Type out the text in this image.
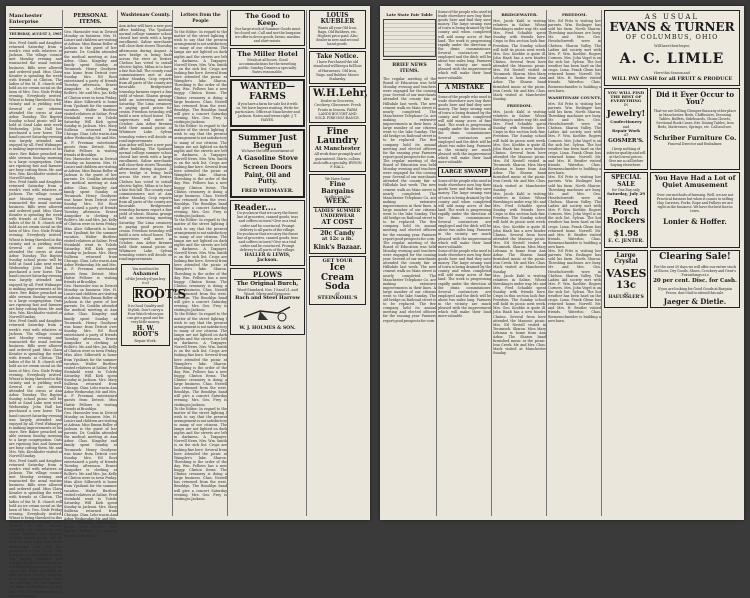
Manchester Enterprise
THURSDAY, AUGUST 3, 1905

Mrs. Fred Smith and daughter returned Saturday from a week's visit with relatives at Jackson. The village council met Monday evening and transacted the usual routine business. Bills were allowed and ordered paid. Miss Clara Kensler is spending the week with friends at Clinton. The ladies of the M. E. church will hold an ice cream social on the lawn of Mrs. Geo. Nisle Friday evening. Everybody invited. Wheat is being threshed in this vicinity and is yielding well. Several of our citizens attended the circus at Ann Arbor Tuesday. The Baptist Sunday school picnic will be held at Sand Lake next week Wednesday. John Hall has purchased a new horse. The band concert Saturday evening was largely attended and enjoyed by all. Fred Widmayer is making improvements at his store. Rev. Baker preached an able sermon Sunday morning to a large congregation. Oats are ripening fast and farmers are busy cutting them. Mr. and Mrs. Wm. Kirchhofer visited at Norvell Sunday.

Mrs. Fred Smith and daughter returned Saturday from a week's visit with relatives at Jackson. The village council met Monday evening and transacted the usual routine business. Bills were allowed and ordered paid. Miss Clara Kensler is spending the week with friends at Clinton. The ladies of the M. E. church will hold an ice cream social on the lawn of Mrs. Geo. Nisle Friday evening. Everybody invited. Wheat is being threshed in this vicinity and is yielding well. Several of our citizens attended the circus at Ann Arbor Tuesday. The Baptist Sunday school picnic will be held at Sand Lake next week Wednesday. John Hall has purchased a new horse. The band concert Saturday evening was largely attended and enjoyed by all. Fred Widmayer is making improvements at his store. Rev. Baker preached an able sermon Sunday morning to a large congregation. Oats are ripening fast and farmers are busy cutting them. Mr. and Mrs. Wm. Kirchhofer visited at Norvell Sunday.

Mrs. Fred Smith and daughter returned Saturday from a week's visit with relatives at Jackson. The village council met Monday evening and transacted the usual routine business. Bills were allowed and ordered paid. Miss Clara Kensler is spending the week with friends at Clinton. The ladies of the M. E. church will hold an ice cream social on the lawn of Mrs. Geo. Nisle Friday evening. Everybody invited. Wheat is being threshed in this vicinity and is yielding well. Several of our citizens attended the circus at Ann Arbor Tuesday. The Baptist Sunday school picnic will be held at Sand Lake next week Wednesday. John Hall has purchased a new horse. The band concert Saturday evening was largely attended and enjoyed by all. Fred Widmayer is making improvements at his store. Rev. Baker preached an able sermon Sunday morning to a large congregation. Oats are ripening fast and farmers are busy cutting them. Mr. and Mrs. Wm. Kirchhofer visited at Norvell Sunday.

Mrs. Fred Smith and daughter returned Saturday from a week's visit with relatives at Jackson. The village council met Monday evening and transacted the usual routine business. Bills were allowed and ordered paid. Miss Clara Kensler is spending the week with friends at Clinton. The ladies of the M. E. church will hold an ice cream social on the lawn of Mrs. Geo. Nisle Friday evening. Everybody invited. Wheat is being threshed in this vicinity and is yielding well. Several of our citizens attended the circus at Ann Arbor Tuesday. The Baptist Sunday school picnic will be held at Sand Lake next week Wednesday. John Hall has purchased a new horse. The band concert Saturday evening was largely attended and enjoyed by all. Fred Widmayer is making improvements at his store. Rev. Baker preached an able sermon Sunday morning to a large congregation. Oats are ripening fast and farmers are busy cutting them. Mr. and Mrs. Wm. Kirchhofer visited at Norvell Sunday.

PERSONAL ITEMS.

Geo. Haeussler was in Detroit Monday on business. Mrs. H. Lonier and children are visiting at Adrian. Miss Emma Roller of Jackson is the guest of her parents. Dr. Conklin attended the medical meeting at Ann Arbor. Chas. Kingsley and family spent Sunday at Tecumseh. Henry Goodyear was home from Detroit over Sunday. Mrs. Ed Root entertained a party of friends Tuesday afternoon. Ernest Amspoker is clerking at Roller's. Mr. and Mrs. Jas. Kelly of Clinton were in town Friday. Miss Alice Silkworth is home from Ypsilanti for the summer vacation. Walter Burtless visited relatives at Saline. Fred Steinkohl went to Toledo Saturday. Will Kirk spent Sunday in Jackson. Mrs. Mary Sullivan returned from Chicago. Chas. Lehr was in Ann Arbor Wednesday. Mr. and Mrs. A. F. Freeman entertained guests from Detroit. Miss Hattie Fellows is visiting friends at Brooklyn.

Geo. Haeussler was in Detroit Monday on business. Mrs. H. Lonier and children are visiting at Adrian. Miss Emma Roller of Jackson is the guest of her parents. Dr. Conklin attended the medical meeting at Ann Arbor. Chas. Kingsley and family spent Sunday at Tecumseh. Henry Goodyear was home from Detroit over Sunday. Mrs. Ed Root entertained a party of friends Tuesday afternoon. Ernest Amspoker is clerking at Roller's. Mr. and Mrs. Jas. Kelly of Clinton were in town Friday. Miss Alice Silkworth is home from Ypsilanti for the summer vacation. Walter Burtless visited relatives at Saline. Fred Steinkohl went to Toledo Saturday. Will Kirk spent Sunday in Jackson. Mrs. Mary Sullivan returned from Chicago. Chas. Lehr was in Ann Arbor Wednesday. Mr. and Mrs. A. F. Freeman entertained guests from Detroit. Miss Hattie Fellows is visiting friends at Brooklyn.

Geo. Haeussler was in Detroit Monday on business. Mrs. H. Lonier and children are visiting at Adrian. Miss Emma Roller of Jackson is the guest of her parents. Dr. Conklin attended the medical meeting at Ann Arbor. Chas. Kingsley and family spent Sunday at Tecumseh. Henry Goodyear was home from Detroit over Sunday. Mrs. Ed Root entertained a party of friends Tuesday afternoon. Ernest Amspoker is clerking at Roller's. Mr. and Mrs. Jas. Kelly of Clinton were in town Friday. Miss Alice Silkworth is home from Ypsilanti for the summer vacation. Walter Burtless visited relatives at Saline. Fred Steinkohl went to Toledo Saturday. Will Kirk spent Sunday in Jackson. Mrs. Mary Sullivan returned from Chicago. Chas. Lehr was in Ann Arbor Wednesday. Mr. and Mrs. A. F. Freeman entertained guests from Detroit. Miss Hattie Fellows is visiting friends at Brooklyn.

Geo. Haeussler was in Detroit Monday on business. Mrs. H. Lonier and children are visiting at Adrian. Miss Emma Roller of Jackson is the guest of her parents. Dr. Conklin attended the medical meeting at Ann Arbor. Chas. Kingsley and family spent Sunday at Tecumseh. Henry Goodyear was home from Detroit over Sunday. Mrs. Ed Root entertained a party of friends Tuesday afternoon. Ernest Amspoker is clerking at Roller's. Mr. and Mrs. Jas. Kelly of Clinton were in town Friday. Miss Alice Silkworth is home from Ypsilanti for the summer vacation. Walter Burtless visited relatives at Saline. Fred Steinkohl went to Toledo Saturday. Will Kirk spent Sunday in Jackson. Mrs. Mary Sullivan returned from Chicago. Chas. Lehr was in Ann Arbor Wednesday. Mr. and Mrs. A. F. Freeman entertained guests from Detroit. Miss Hattie Fellows is visiting friends at Brooklyn.

Washtenaw County.

Ann Arbor will have a new post office building. The Ypsilanti normal college summer school closed last week with a large enrollment. Saline merchants will close their stores Thursday afternoons during August. A new bridge is being built across the river at Dexter. Chelsea has voted to install electric lights. Milan is to have a fair this fall. The county road commissioners met at Ann Arbor Monday. Crop reports from all parts of the county are favorable. Bridgewater township farmers report a fine yield of wheat. Sharon grange held an interesting meeting Saturday. The Lima creamery is paying good prices for cream. Freedom township will build a new school house. The supervisors will meet in October. Ann Arbor firemen held their annual picnic at Whitmore Lake. Sylvan township voters will decide on road improvements.

Ann Arbor will have a new post office building. The Ypsilanti normal college summer school closed last week with a large enrollment. Saline merchants will close their stores Thursday afternoons during August. A new bridge is being built across the river at Dexter. Chelsea has voted to install electric lights. Milan is to have a fair this fall. The county road commissioners met at Ann Arbor Monday. Crop reports from all parts of the county are favorable. Bridgewater township farmers report a fine yield of wheat. Sharon grange held an interesting meeting Saturday. The Lima creamery is paying good prices for cream. Freedom township will build a new school house. The supervisors will meet in October. Ann Arbor firemen held their annual picnic at Whitmore Lake. Sylvan township voters will decide on road improvements.

You need not be
Ashamed
of the Jewelry if you buy it of
ROOT'S
It is Good Quality and Stylish. Don't carry a Poor Watch when you can get a good one for very little money.
H. W. ROOT'S
Repair Work.
Letters from the People

To the Editor: In regard to the matter of the street lighting I wish to say that the present arrangement is not satisfactory to many of our citizens. The lamps are not lighted on dark nights and the streets are left in darkness. A Taxpayer. Norvell News. Mrs. Wm. Smith is on the sick list. Crops are looking fine here. Several from here attended the picnic at Wampler's lake. Sharon. Threshing is the order of the day. Wm. Fellows has a new buggy. Clinton Items. The Clinton creamery is doing a large business. Chas. Nestell has returned from the west. Brooklyn. The Brooklyn band will give a concert Saturday evening. Mrs. Geo. Frey is visiting in Jackson.

To the Editor: In regard to the matter of the street lighting I wish to say that the present arrangement is not satisfactory to many of our citizens. The lamps are not lighted on dark nights and the streets are left in darkness. A Taxpayer. Norvell News. Mrs. Wm. Smith is on the sick list. Crops are looking fine here. Several from here attended the picnic at Wampler's lake. Sharon. Threshing is the order of the day. Wm. Fellows has a new buggy. Clinton Items. The Clinton creamery is doing a large business. Chas. Nestell has returned from the west. Brooklyn. The Brooklyn band will give a concert Saturday evening. Mrs. Geo. Frey is visiting in Jackson.

To the Editor: In regard to the matter of the street lighting I wish to say that the present arrangement is not satisfactory to many of our citizens. The lamps are not lighted on dark nights and the streets are left in darkness. A Taxpayer. Norvell News. Mrs. Wm. Smith is on the sick list. Crops are looking fine here. Several from here attended the picnic at Wampler's lake. Sharon. Threshing is the order of the day. Wm. Fellows has a new buggy. Clinton Items. The Clinton creamery is doing a large business. Chas. Nestell has returned from the west. Brooklyn. The Brooklyn band will give a concert Saturday evening. Mrs. Geo. Frey is visiting in Jackson.

To the Editor: In regard to the matter of the street lighting I wish to say that the present arrangement is not satisfactory to many of our citizens. The lamps are not lighted on dark nights and the streets are left in darkness. A Taxpayer. Norvell News. Mrs. Wm. Smith is on the sick list. Crops are looking fine here. Several from here attended the picnic at Wampler's lake. Sharon. Threshing is the order of the day. Wm. Fellows has a new buggy. Clinton Items. The Clinton creamery is doing a large business. Chas. Nestell has returned from the west. Brooklyn. The Brooklyn band will give a concert Saturday evening. Mrs. Geo. Frey is visiting in Jackson.

To the Editor: In regard to the matter of the street lighting I wish to say that the present arrangement is not satisfactory to many of our citizens. The lamps are not lighted on dark nights and the streets are left in darkness. A Taxpayer. Norvell News. Mrs. Wm. Smith is on the sick list. Crops are looking fine here. Several from here attended the picnic at Wampler's lake. Sharon. Threshing is the order of the day. Wm. Fellows has a new buggy. Clinton Items. The Clinton creamery is doing a large business. Chas. Nestell has returned from the west. Brooklyn. The Brooklyn band will give a concert Saturday evening. Mrs. Geo. Frey is visiting in Jackson.

The Good to Keep.
Our large stock of Summer Goods must be closed out. Call and see the bargains we offer in dress goods, lawns, muslins and shirt waists.
The Miller Hotel
Meals at all hours. Good accommodations for the traveling public. Sunday Dinners a specialty. Rates reasonable.
WANTED—FARMS
If you have a farm for sale list it with us. We have buyers waiting. Write for particulars. Offices at Manchester and Jackson. Rates and terms right. J. T. HAYES.
Summer Just Begun
We have the best assortment of
A Gasoline Stove
Screen Doors
Paint, Oil and Putty.
FRED WIDMAYER.
Reader....
Do you know that we carry the finest line of groceries, canned goods, teas and coffees in town? Give us a trial order and be convinced. Prompt delivery to all parts of the village.
Do you know that we carry the finest line of groceries, canned goods, teas and coffees in town? Give us a trial order and be convinced. Prompt delivery to all parts of the village.
HALLER & LEWIS, Jackson.
PLOWS
The Original Burch,
Wood Standard, Nos. 19 and 21, and Wiard, Oliver and Syracuse.
Bach and Steel Harrow
W. J. HOLMES & SON.
LOUIS KUEBLER
Wants all your Old Iron, Rags, Old Rubbers, etc. Highest price paid. Also dealer in new and second hand goods.
Take Notice.
I have Purchased the old stand and will keep a full line of Harnesses. Old Iron, Rags, and Rubber. Moses Stalarsky.
W.H.Lehr,
Dealer in Groceries, Crockery, Glassware. Fresh Fruits in Season. FARM LANDS BOUGHT AND SOLD. FIRE INSURANCE.
Fine Laundry
At Manchester
All work done promptly and guaranteed. Shirts, collars and cuffs a specialty. BYRON F. HALL.
We Have Some
Fine Bargains
to offer you this
WEEK.
LADIES' SUMMER
UNDERWEAR
AT COST
20c Candy
at 12c a lb.
Kink's Bazaar.
GET YOUR
Ice
Cream
Soda
AT
STEINKOHL'S
Late State Fair Table
BRIEF NEWS ITEMS.

The regular meeting of the Board of Education was held Monday evening and teachers were engaged for the coming year. Several of our merchants attended the county fair at Hillsdale last week. The new cement walk on Main street is nearly completed. The Manchester Telephone Co. are making extensive improvements in their lines. A large number of our citizens went to the lake Sunday. The old bridge on Railroad street is to be replaced. The fire company held its annual meeting and elected officers for the ensuing year. Farmers report good prospects for corn.

The regular meeting of the Board of Education was held Monday evening and teachers were engaged for the coming year. Several of our merchants attended the county fair at Hillsdale last week. The new cement walk on Main street is nearly completed. The Manchester Telephone Co. are making extensive improvements in their lines. A large number of our citizens went to the lake Sunday. The old bridge on Railroad street is to be replaced. The fire company held its annual meeting and elected officers for the ensuing year. Farmers report good prospects for corn.

The regular meeting of the Board of Education was held Monday evening and teachers were engaged for the coming year. Several of our merchants attended the county fair at Hillsdale last week. The new cement walk on Main street is nearly completed. The Manchester Telephone Co. are making extensive improvements in their lines. A large number of our citizens went to the lake Sunday. The old bridge on Railroad street is to be replaced. The fire company held its annual meeting and elected officers for the ensuing year. Farmers report good prospects for corn.

Some of the people who used to trade elsewhere now buy their goods here and find they save money. The large swamp east of town is being drained by the county and when completed will add many acres of fine land. The work is progressing rapidly under the direction of the drain commissioner. Several contractors are employed and the ditch will be about two miles long. Farmers in the vicinity are much pleased with the improvement which will make their land more valuable.

A MISTAKE

Some of the people who used to trade elsewhere now buy their goods here and find they save money. The large swamp east of town is being drained by the county and when completed will add many acres of fine land. The work is progressing rapidly under the direction of the drain commissioner. Several contractors are employed and the ditch will be about two miles long. Farmers in the vicinity are much pleased with the improvement which will make their land more valuable.

LARGE SWAMP

Some of the people who used to trade elsewhere now buy their goods here and find they save money. The large swamp east of town is being drained by the county and when completed will add many acres of fine land. The work is progressing rapidly under the direction of the drain commissioner. Several contractors are employed and the ditch will be about two miles long. Farmers in the vicinity are much pleased with the improvement which will make their land more valuable.

Some of the people who used to trade elsewhere now buy their goods here and find they save money. The large swamp east of town is being drained by the county and when completed will add many acres of fine land. The work is progressing rapidly under the direction of the drain commissioner. Several contractors are employed and the ditch will be about two miles long. Farmers in the vicinity are much pleased with the improvement which will make their land more valuable.

BRIDGEWATER.

Mrs. Jacob Kuhl is visiting relatives in Saline. Wheat threshing is under way. Mr. and Mrs. Fred Schaible spent Sunday with friends here. Crops in this section look fine. Freedom. The Sunday school will hold its picnic next week. Mrs. Geo. Koebbe is quite ill. John Haab has a new binder. Clinton. Several from here attended the Masonic picnic. Mrs. Ed Nestell visited in Tecumseh. Sharon. Miss Mary Lehman is home from Ann Arbor. The Sharon band furnished music at the picnic. Iron Creek. Mr. and Mrs. Chas. Mack visited at Manchester Sunday.

FREEDOM.

Mrs. Jacob Kuhl is visiting relatives in Saline. Wheat threshing is under way. Mr. and Mrs. Fred Schaible spent Sunday with friends here. Crops in this section look fine. Freedom. The Sunday school will hold its picnic next week. Mrs. Geo. Koebbe is quite ill. John Haab has a new binder. Clinton. Several from here attended the Masonic picnic. Mrs. Ed Nestell visited in Tecumseh. Sharon. Miss Mary Lehman is home from Ann Arbor. The Sharon band furnished music at the picnic. Iron Creek. Mr. and Mrs. Chas. Mack visited at Manchester Sunday.

Mrs. Jacob Kuhl is visiting relatives in Saline. Wheat threshing is under way. Mr. and Mrs. Fred Schaible spent Sunday with friends here. Crops in this section look fine. Freedom. The Sunday school will hold its picnic next week. Mrs. Geo. Koebbe is quite ill. John Haab has a new binder. Clinton. Several from here attended the Masonic picnic. Mrs. Ed Nestell visited in Tecumseh. Sharon. Miss Mary Lehman is home from Ann Arbor. The Sharon band furnished music at the picnic. Iron Creek. Mr. and Mrs. Chas. Mack visited at Manchester Sunday.

Mrs. Jacob Kuhl is visiting relatives in Saline. Wheat threshing is under way. Mr. and Mrs. Fred Schaible spent Sunday with friends here. Crops in this section look fine. Freedom. The Sunday school will hold its picnic next week. Mrs. Geo. Koebbe is quite ill. John Haab has a new binder. Clinton. Several from here attended the Masonic picnic. Mrs. Ed Nestell visited in Tecumseh. Sharon. Miss Mary Lehman is home from Ann Arbor. The Sharon band furnished music at the picnic. Iron Creek. Mr. and Mrs. Chas. Mack visited at Manchester Sunday.

FREEDOM.

Mrs. Ed Fritz is visiting her parents. Wm. Esslinger has sold his farm. North Sharon. Threshing machines are busy. Mr. and Mrs. Geo. Heselschwerdt were in Chelsea. Sharon Valley. The Ladies Aid society met with Mrs. F. Wm. Koebbe. Rogers Corners. Mrs. John Vogel is on the sick list. Sylvan. The hot weather has been hard on the crops. Lima. Frank Glenn has returned home. Norvell. Mr. and Mrs. H. Beutler visited friends. Waterloo. Chas. Riemenschneider is building a new barn.

WASHTENAW COUNTY.

Mrs. Ed Fritz is visiting her parents. Wm. Esslinger has sold his farm. North Sharon. Threshing machines are busy. Mr. and Mrs. Geo. Heselschwerdt were in Chelsea. Sharon Valley. The Ladies Aid society met with Mrs. F. Wm. Koebbe. Rogers Corners. Mrs. John Vogel is on the sick list. Sylvan. The hot weather has been hard on the crops. Lima. Frank Glenn has returned home. Norvell. Mr. and Mrs. H. Beutler visited friends. Waterloo. Chas. Riemenschneider is building a new barn.

Mrs. Ed Fritz is visiting her parents. Wm. Esslinger has sold his farm. North Sharon. Threshing machines are busy. Mr. and Mrs. Geo. Heselschwerdt were in Chelsea. Sharon Valley. The Ladies Aid society met with Mrs. F. Wm. Koebbe. Rogers Corners. Mrs. John Vogel is on the sick list. Sylvan. The hot weather has been hard on the crops. Lima. Frank Glenn has returned home. Norvell. Mr. and Mrs. H. Beutler visited friends. Waterloo. Chas. Riemenschneider is building a new barn.

Mrs. Ed Fritz is visiting her parents. Wm. Esslinger has sold his farm. North Sharon. Threshing machines are busy. Mr. and Mrs. Geo. Heselschwerdt were in Chelsea. Sharon Valley. The Ladies Aid society met with Mrs. F. Wm. Koebbe. Rogers Corners. Mrs. John Vogel is on the sick list. Sylvan. The hot weather has been hard on the crops. Lima. Frank Glenn has returned home. Norvell. Mr. and Mrs. H. Beutler visited friends. Waterloo. Chas. Riemenschneider is building a new barn.

AS USUAL
EVANS & TURNER
OF COLUMBUS, OHIO
Will have their buyer,
A. C. LIMLE
Here this Season and
WILL PAY CASH for all FRUIT & PRODUCE
YOU WILL FIND
THE BEST OF
EVERYTHING
IN
Jewelry!
Confectionery
and
Repair Work
AT
GOSMER'S.
I keep nothing of inferior quality and sell at the lowest prices. Give me a call before buying elsewhere.
Did it Ever Occur to You?
That we are Selling Cheaper than any other place in Manchester. Beds, Chiffoniers, Dressing Tables, Buffets, Sideboards, China Closets, Sectional Book Cases, Ext. Dining Tables, Iron Beds, Mattresses, Springs, etc. Call and see.
Schriber Furniture Co.
Funeral Director and Embalmer.
SPECIAL SALE
for One Day only
Saturday, July 29
Reed
Porch
Rockers
$1.98
E. C. JENTER.
You Have Had a Lot of Quiet Amusement
Over our methods of farming. Well, we are not Practical farmers but when it comes to selling Hay Carriers, Forks, Rope and Pulleys we are right in the business. We have the best line in town.
Lonier & Hoffer.
Large
Crystal
VASES
13c
AT
HAEUSSLER'S
Clearing Sale!
For the next 30 days we will offer our entire stock of Shoes, Dry Goods, Shoes, Crockery and Gent's Furnishings at a
20 per cent. Disc. for Cash.
If you are looking for Good Goods at Bargain Prices, don't fail to attend this sale.
Jaeger & Dietle.
